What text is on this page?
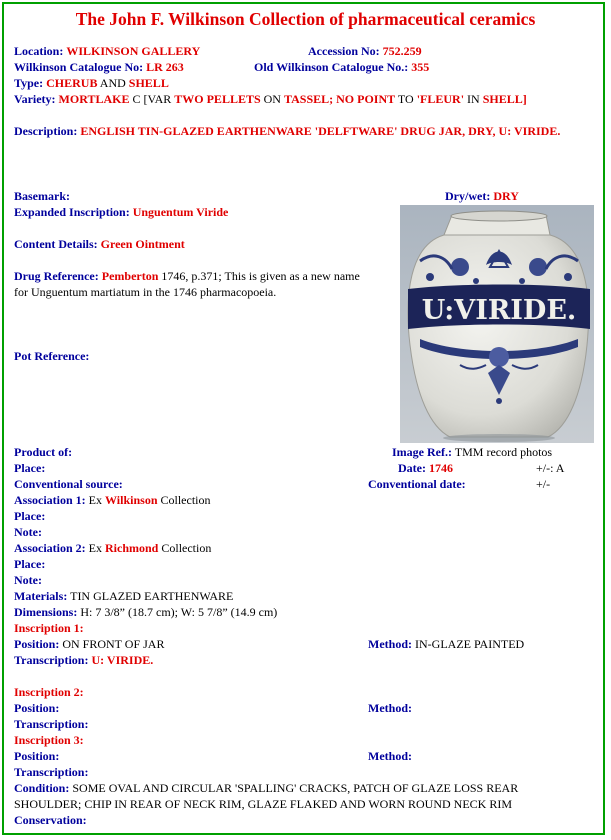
The John F. Wilkinson Collection of pharmaceutical ceramics
Location: WILKINSON GALLERY	Accession No: 752.259
Wilkinson Catalogue No: LR 263	Old Wilkinson Catalogue No.: 355
Type: CHERUB AND SHELL
Variety: MORTLAKE C [VAR TWO PELLETS ON TASSEL; NO POINT TO 'FLEUR' IN SHELL]
Description: ENGLISH TIN-GLAZED EARTHENWARE 'DELFTWARE' DRUG JAR, DRY, U: VIRIDE.
Basemark:	Dry/wet: DRY
Expanded Inscription: Unguentum Viride
Content Details: Green Ointment
Drug Reference: Pemberton 1746, p.371; This is given as a new name
for Unguentum martiatum in the 1746 pharmacopoeia.
Pot Reference:
U:VIRIDE.
Product of:	Image Ref.: TMM record photos
Place:	Date: 1746	+/-: A
Conventional source:	Conventional date:	+/-
Association 1: Ex Wilkinson Collection
Place:
Note:
Association 2: Ex Richmond Collection
Place:
Note:
Materials: TIN GLAZED EARTHENWARE
Dimensions: H: 7 3/8” (18.7 cm); W: 5 7/8” (14.9 cm)
Inscription 1:
Position: ON FRONT OF JAR	Method: IN-GLAZE PAINTED
Transcription: U: VIRIDE.
Inscription 2:
Position:	Method:
Transcription:
Inscription 3:
Position:	Method:
Transcription:
Condition: SOME OVAL AND CIRCULAR 'SPALLING' CRACKS, PATCH OF GLAZE LOSS REAR
SHOULDER; CHIP IN REAR OF NECK RIM, GLAZE FLAKED AND WORN ROUND NECK RIM
Conservation:
